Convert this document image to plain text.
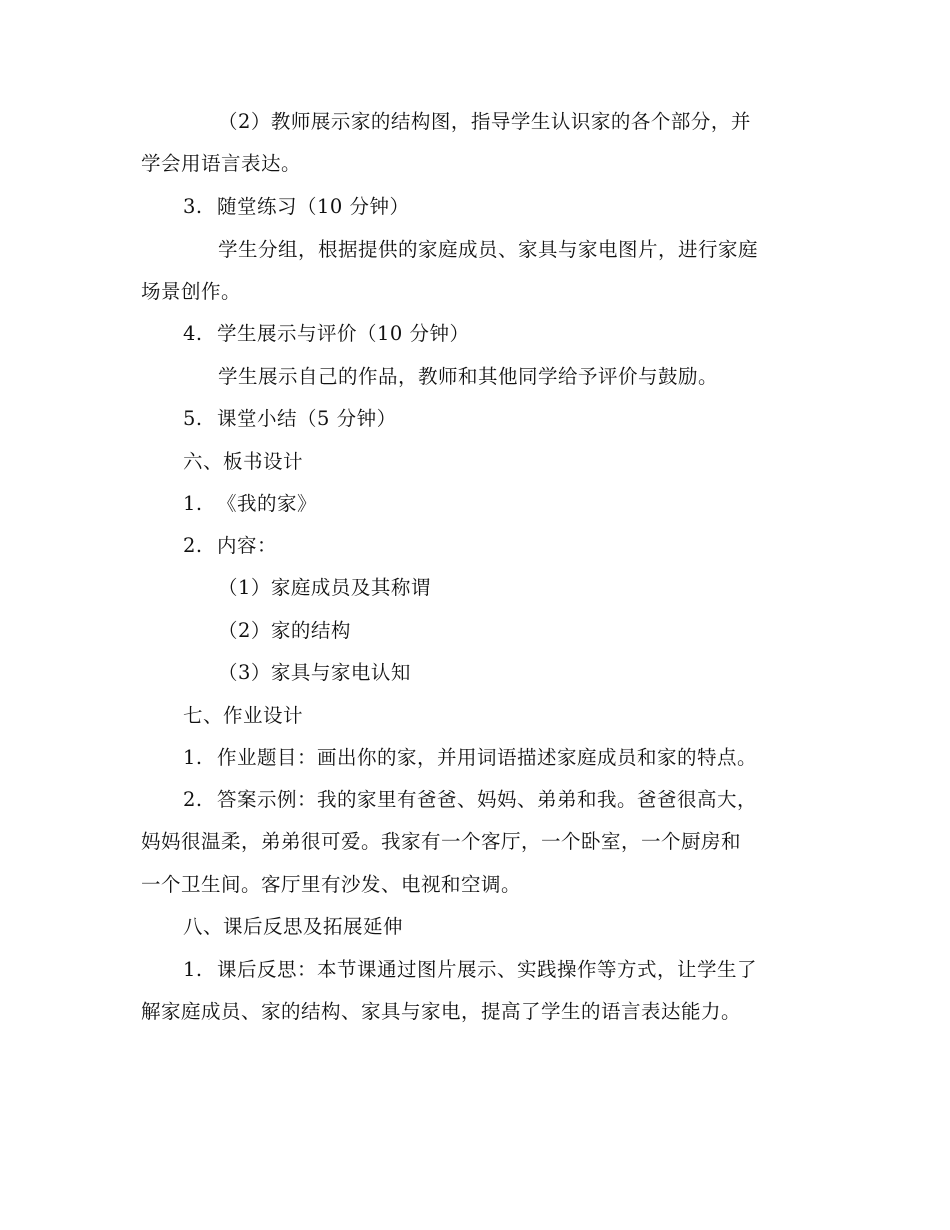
（2）教师展示家的结构图，指导学生认识家的各个部分，并
学会用语言表达。
3. 随堂练习（10 分钟）
学生分组，根据提供的家庭成员、家具与家电图片，进行家庭
场景创作。
4. 学生展示与评价（10 分钟）
学生展示自己的作品，教师和其他同学给予评价与鼓励。
5. 课堂小结（5 分钟）
六、板书设计
1. 《我的家》
2. 内容：
（1）家庭成员及其称谓
（2）家的结构
（3）家具与家电认知
七、作业设计
1. 作业题目：画出你的家，并用词语描述家庭成员和家的特点。
2. 答案示例：我的家里有爸爸、妈妈、弟弟和我。爸爸很高大，
妈妈很温柔，弟弟很可爱。我家有一个客厅，一个卧室，一个厨房和
一个卫生间。客厅里有沙发、电视和空调。
八、课后反思及拓展延伸
1. 课后反思：本节课通过图片展示、实践操作等方式，让学生了
解家庭成员、家的结构、家具与家电，提高了学生的语言表达能力。
